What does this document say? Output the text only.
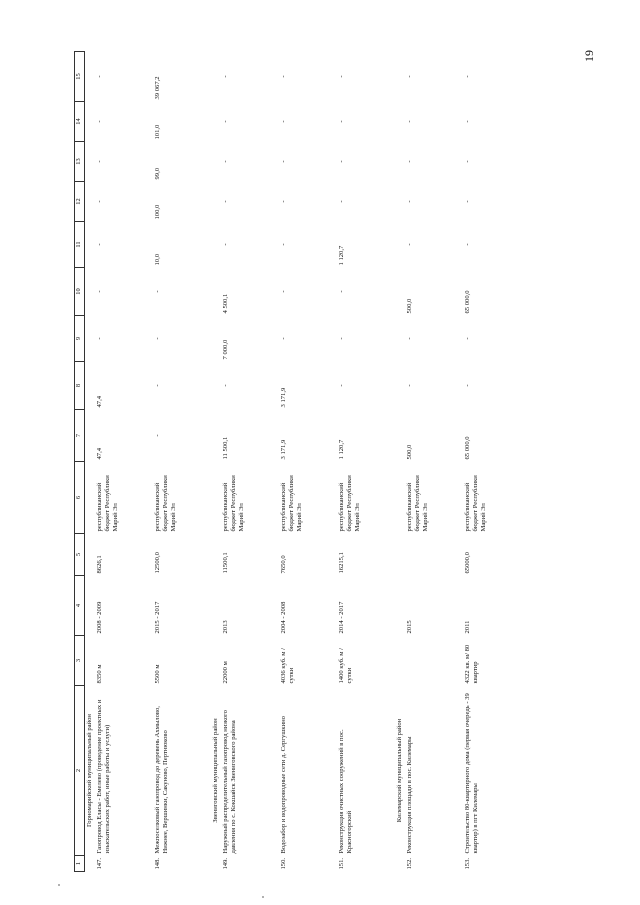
19
1	2	3	4	5	6	7	8	9	10	11	12	13	14	15
	Горномарийский муниципальный район													
147.	Газопровод Еласы - Емелево (проведение проектных и изыскательских работ, иные работы и услуги)	8350 м	2008 - 2009	8626,1	республиканский бюджет Республики Марий Эл	47,4	47,4	-	-	-	-	-	-	-
148.	Межпоселковый газопровод до деревень Ахмылово, Нижнее, Вершинки, Сакуново, Пертнюково	5500 м	2015 - 2017	12500,0	республиканский бюджет Республики Марий Эл	-	-	-	-	10,0	100,0	99,0	101,0	39 067,2
	Звениговский муниципальный район													
149.	Наружный распределительный газопровод низкого давления по с. Кокшайск Звениговского района	22000 м	2013	11500,1	республиканский бюджет Республики Марий Эл	11 500,1	-	7 000,0	4 500,1	-	-	-	-	-
150.	Водозабор и водопроводные сети д. Сергушкино	4036 куб. м / сутки	2004 - 2008	7650,0	республиканский бюджет Республики Марий Эл	3 171,9	3 171,9	-	-	-	-	-	-	-
151.	Реконструкция очистных сооружений в пос. Красногорский	1400 куб. м /сутки	2014 - 2017	16215,1	республиканский бюджет Республики Марий Эл	1 120,7	-	-	-	1 120,7	-	-	-	-
	Килемарский муниципальный район													
152.	Реконструкция площади в пос. Килемары		2015		республиканский бюджет Республики Марий Эл	500,0	-	-	500,0	-	-	-	-	-
153.	Строительство 80-квартирного дома (первая очередь - 39 квартир) в пгт Килемары	4322 кв. м/ 80 квартир	2011	65000,0	республиканский бюджет Республики Марий Эл	65 000,0	-	-	65 000,0	-	-	-	-	-
